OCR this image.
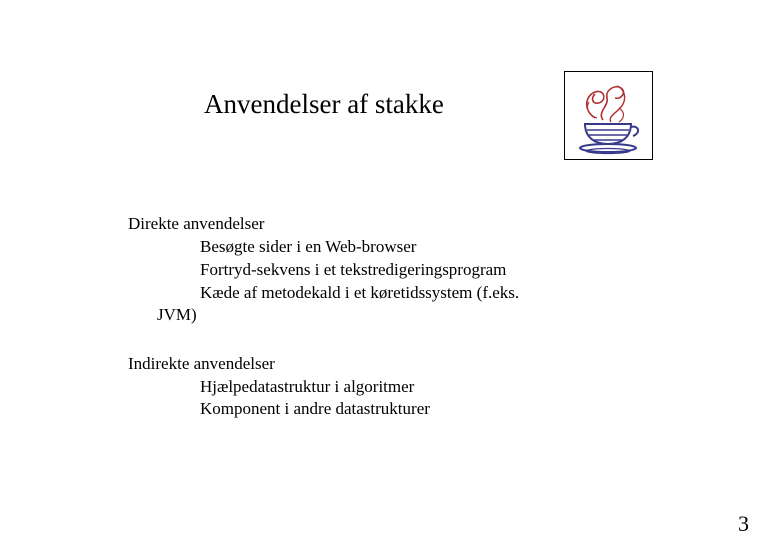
Anvendelser af stakke
Direkte anvendelser
Besøgte sider i en Web-browser
Fortryd-sekvens i et tekstredigeringsprogram
Kæde af metodekald i et køretidssystem (f.eks.
JVM)
Indirekte anvendelser
Hjælpedatastruktur i algoritmer
Komponent i andre datastrukturer
3
